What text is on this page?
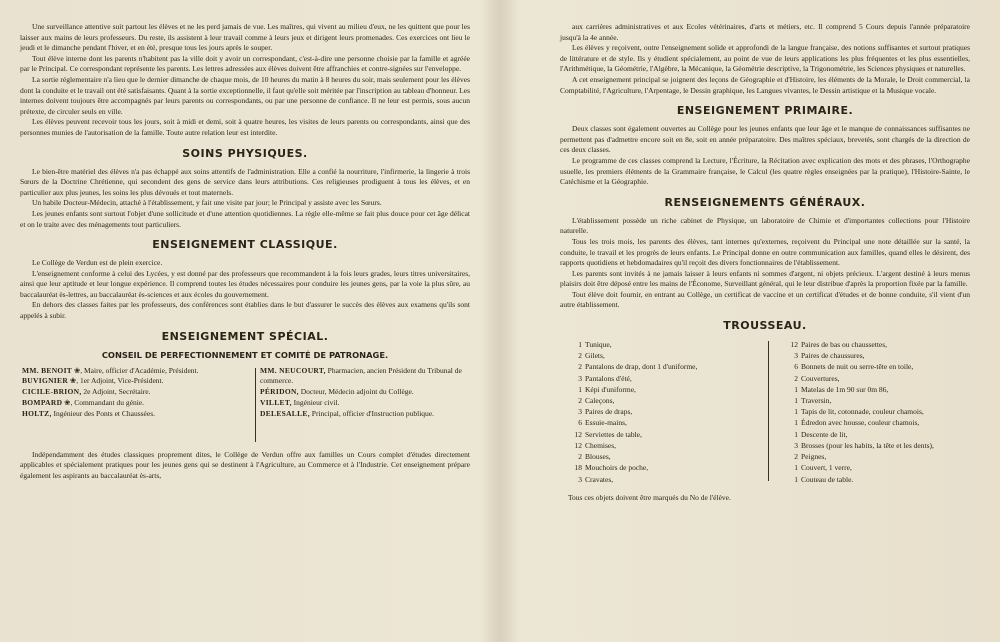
Une surveillance attentive suit partout les élèves et ne les perd jamais de vue. Les maîtres, qui vivent au milieu d'eux, ne les quittent que pour les laisser aux mains de leurs professeurs. Du reste, ils assistent à leur travail comme à leurs jeux et dirigent leurs promenades. Ces exercices ont lieu le jeudi et le dimanche pendant l'hiver, et en été, presque tous les jours après le souper.

Tout élève interne dont les parents n'habitent pas la ville doit y avoir un correspondant, c'est-à-dire une personne choisie par la famille et agréée par le Principal. Ce correspondant représente les parents. Les lettres adressées aux élèves doivent être affranchies et contre-signées sur l'enveloppe.

La sortie réglementaire n'a lieu que le dernier dimanche de chaque mois, de 10 heures du matin à 8 heures du soir, mais seulement pour les élèves dont la conduite et le travail ont été satisfaisants. Quant à la sortie exceptionnelle, il faut qu'elle soit méritée par l'inscription au tableau d'honneur. Les internes doivent toujours être accompagnés par leurs parents ou correspondants, ou par une personne de confiance. Il ne leur est permis, sous aucun prétexte, de circuler seuls en ville.

Les élèves peuvent recevoir tous les jours, soit à midi et demi, soit à quatre heures, les visites de leurs parents ou correspondants, ainsi que des personnes munies de l'autorisation de la famille. Toute autre relation leur est interdite.

SOINS PHYSIQUES.

Le bien-être matériel des élèves n'a pas échappé aux soins attentifs de l'administration. Elle a confié la nourriture, l'infirmerie, la lingerie à trois Sœurs de la Doctrine Chrétienne, qui secondent des gens de service dans leurs attributions. Ces religieuses prodiguent à tous les élèves, et en particulier aux plus jeunes, les soins les plus dévoués et tout maternels.

Un habile Docteur-Médecin, attaché à l'établissement, y fait une visite par jour; le Principal y assiste avec les Sœurs.

Les jeunes enfants sont surtout l'objet d'une sollicitude et d'une attention quotidiennes. La règle elle-même se fait plus douce pour cet âge délicat et on le traite avec des ménagements tout particuliers.

ENSEIGNEMENT CLASSIQUE.

Le Collège de Verdun est de plein exercice.

L'enseignement conforme à celui des Lycées, y est donné par des professeurs que recommandent à la fois leurs grades, leurs titres universitaires, ainsi que leur aptitude et leur longue expérience. Il comprend toutes les études nécessaires pour conduire les jeunes gens, par la voie la plus sûre, au baccalauréat ès-lettres, au baccalauréat ès-sciences et aux écoles du gouvernement.

En dehors des classes faites par les professeurs, des conférences sont établies dans le but d'assurer le succès des élèves aux examens qu'ils sont appelés à subir.

ENSEIGNEMENT SPÉCIAL.
CONSEIL DE PERFECTIONNEMENT ET COMITÉ DE PATRONAGE.
MM. BENOIT ❀, Maire, officier d'Académie, Président.
BUVIGNIER ❀, 1er Adjoint, Vice-Président.
CICILE-BRION, 2e Adjoint, Secrétaire.
BOMPARD ❀, Commandant du génie.
HOLTZ, Ingénieur des Ponts et Chaussées.
MM. NEUCOURT, Pharmacien, ancien Président du Tribunal de commerce.
PÉRIDON, Docteur, Médecin adjoint du Collège.
VILLET, Ingénieur civil.
DELESALLE, Principal, officier d'Instruction publique.

Indépendamment des études classiques proprement dites, le Collège de Verdun offre aux familles un Cours complet d'études directement applicables et spécialement pratiques pour les jeunes gens qui se destinent à l'Agriculture, au Commerce et à l'Industrie. Cet enseignement prépare également les aspirants au baccalauréat ès-arts,

aux carrières administratives et aux Ecoles vétérinaires, d'arts et métiers, etc. Il comprend 5 Cours depuis l'année préparatoire jusqu'à la 4e année.

Les élèves y reçoivent, outre l'enseignement solide et approfondi de la langue française, des notions suffisantes et surtout pratiques de littérature et de style. Ils y étudient spécialement, au point de vue de leurs applications les plus fréquentes et les plus essentielles, l'Arithmétique, la Géométrie, l'Algèbre, la Mécanique, la Géométrie descriptive, la Trigonométrie, les Sciences physiques et naturelles.

A cet enseignement principal se joignent des leçons de Géographie et d'Histoire, les éléments de la Morale, le Droit commercial, la Comptabilité, l'Agriculture, l'Arpentage, le Dessin graphique, les Langues vivantes, le Dessin artistique et la Musique vocale.

ENSEIGNEMENT PRIMAIRE.

Deux classes sont également ouvertes au Collège pour les jeunes enfants que leur âge et le manque de connaissances suffisantes ne permettent pas d'admettre encore soit en 8e, soit en année préparatoire. Des maîtres spéciaux, brevetés, sont chargés de la direction de ces deux classes.

Le programme de ces classes comprend la Lecture, l'Écriture, la Récitation avec explication des mots et des phrases, l'Orthographe usuelle, les premiers éléments de la Grammaire française, le Calcul (les quatre règles enseignées par la pratique), l'Histoire-Sainte, le Catéchisme et la Géographie.

RENSEIGNEMENTS GÉNÉRAUX.

L'établissement possède un riche cabinet de Physique, un laboratoire de Chimie et d'importantes collections pour l'Histoire naturelle.

Tous les trois mois, les parents des élèves, tant internes qu'externes, reçoivent du Principal une note détaillée sur la santé, la conduite, le travail et les progrès de leurs enfants. Le Principal donne en outre communication aux familles, quand elles le désirent, des rapports quotidiens et hebdomadaires qu'il reçoit des divers fonctionnaires de l'établissement.

Les parents sont invités à ne jamais laisser à leurs enfants ni sommes d'argent, ni objets précieux. L'argent destiné à leurs menus plaisirs doit être déposé entre les mains de l'Économe, Surveillant général, qui le leur distribue d'après la proportion fixée par la famille.

Tout élève doit fournir, en entrant au Collège, un certificat de vaccine et un certificat d'études et de bonne conduite, s'il vient d'un autre établissement.

TROUSSEAU.
1 Tunique,
2 Gilets,
2 Pantalons de drap, dont 1 d'uniforme,
3 Pantalons d'été,
1 Képi d'uniforme,
2 Caleçons,
3 Paires de draps,
6 Essuie-mains,
12 Serviettes de table,
12 Chemises,
2 Blouses,
18 Mouchoirs de poche,
3 Cravates,
12 Paires de bas ou chaussettes,
3 Paires de chaussures,
6 Bonnets de nuit ou serre-tête en toile,
2 Couvertures,
1 Matelas de 1m 90 sur 0m 86,
1 Traversin,
1 Tapis de lit, cotonnade, couleur chamois,
1 Édredon avec housse, couleur chamois,
1 Descente de lit,
3 Brosses (pour les habits, la tête et les dents),
2 Peignes,
1 Couvert, 1 verre,
1 Couteau de table.
Tous ces objets doivent être marqués du No de l'élève.
